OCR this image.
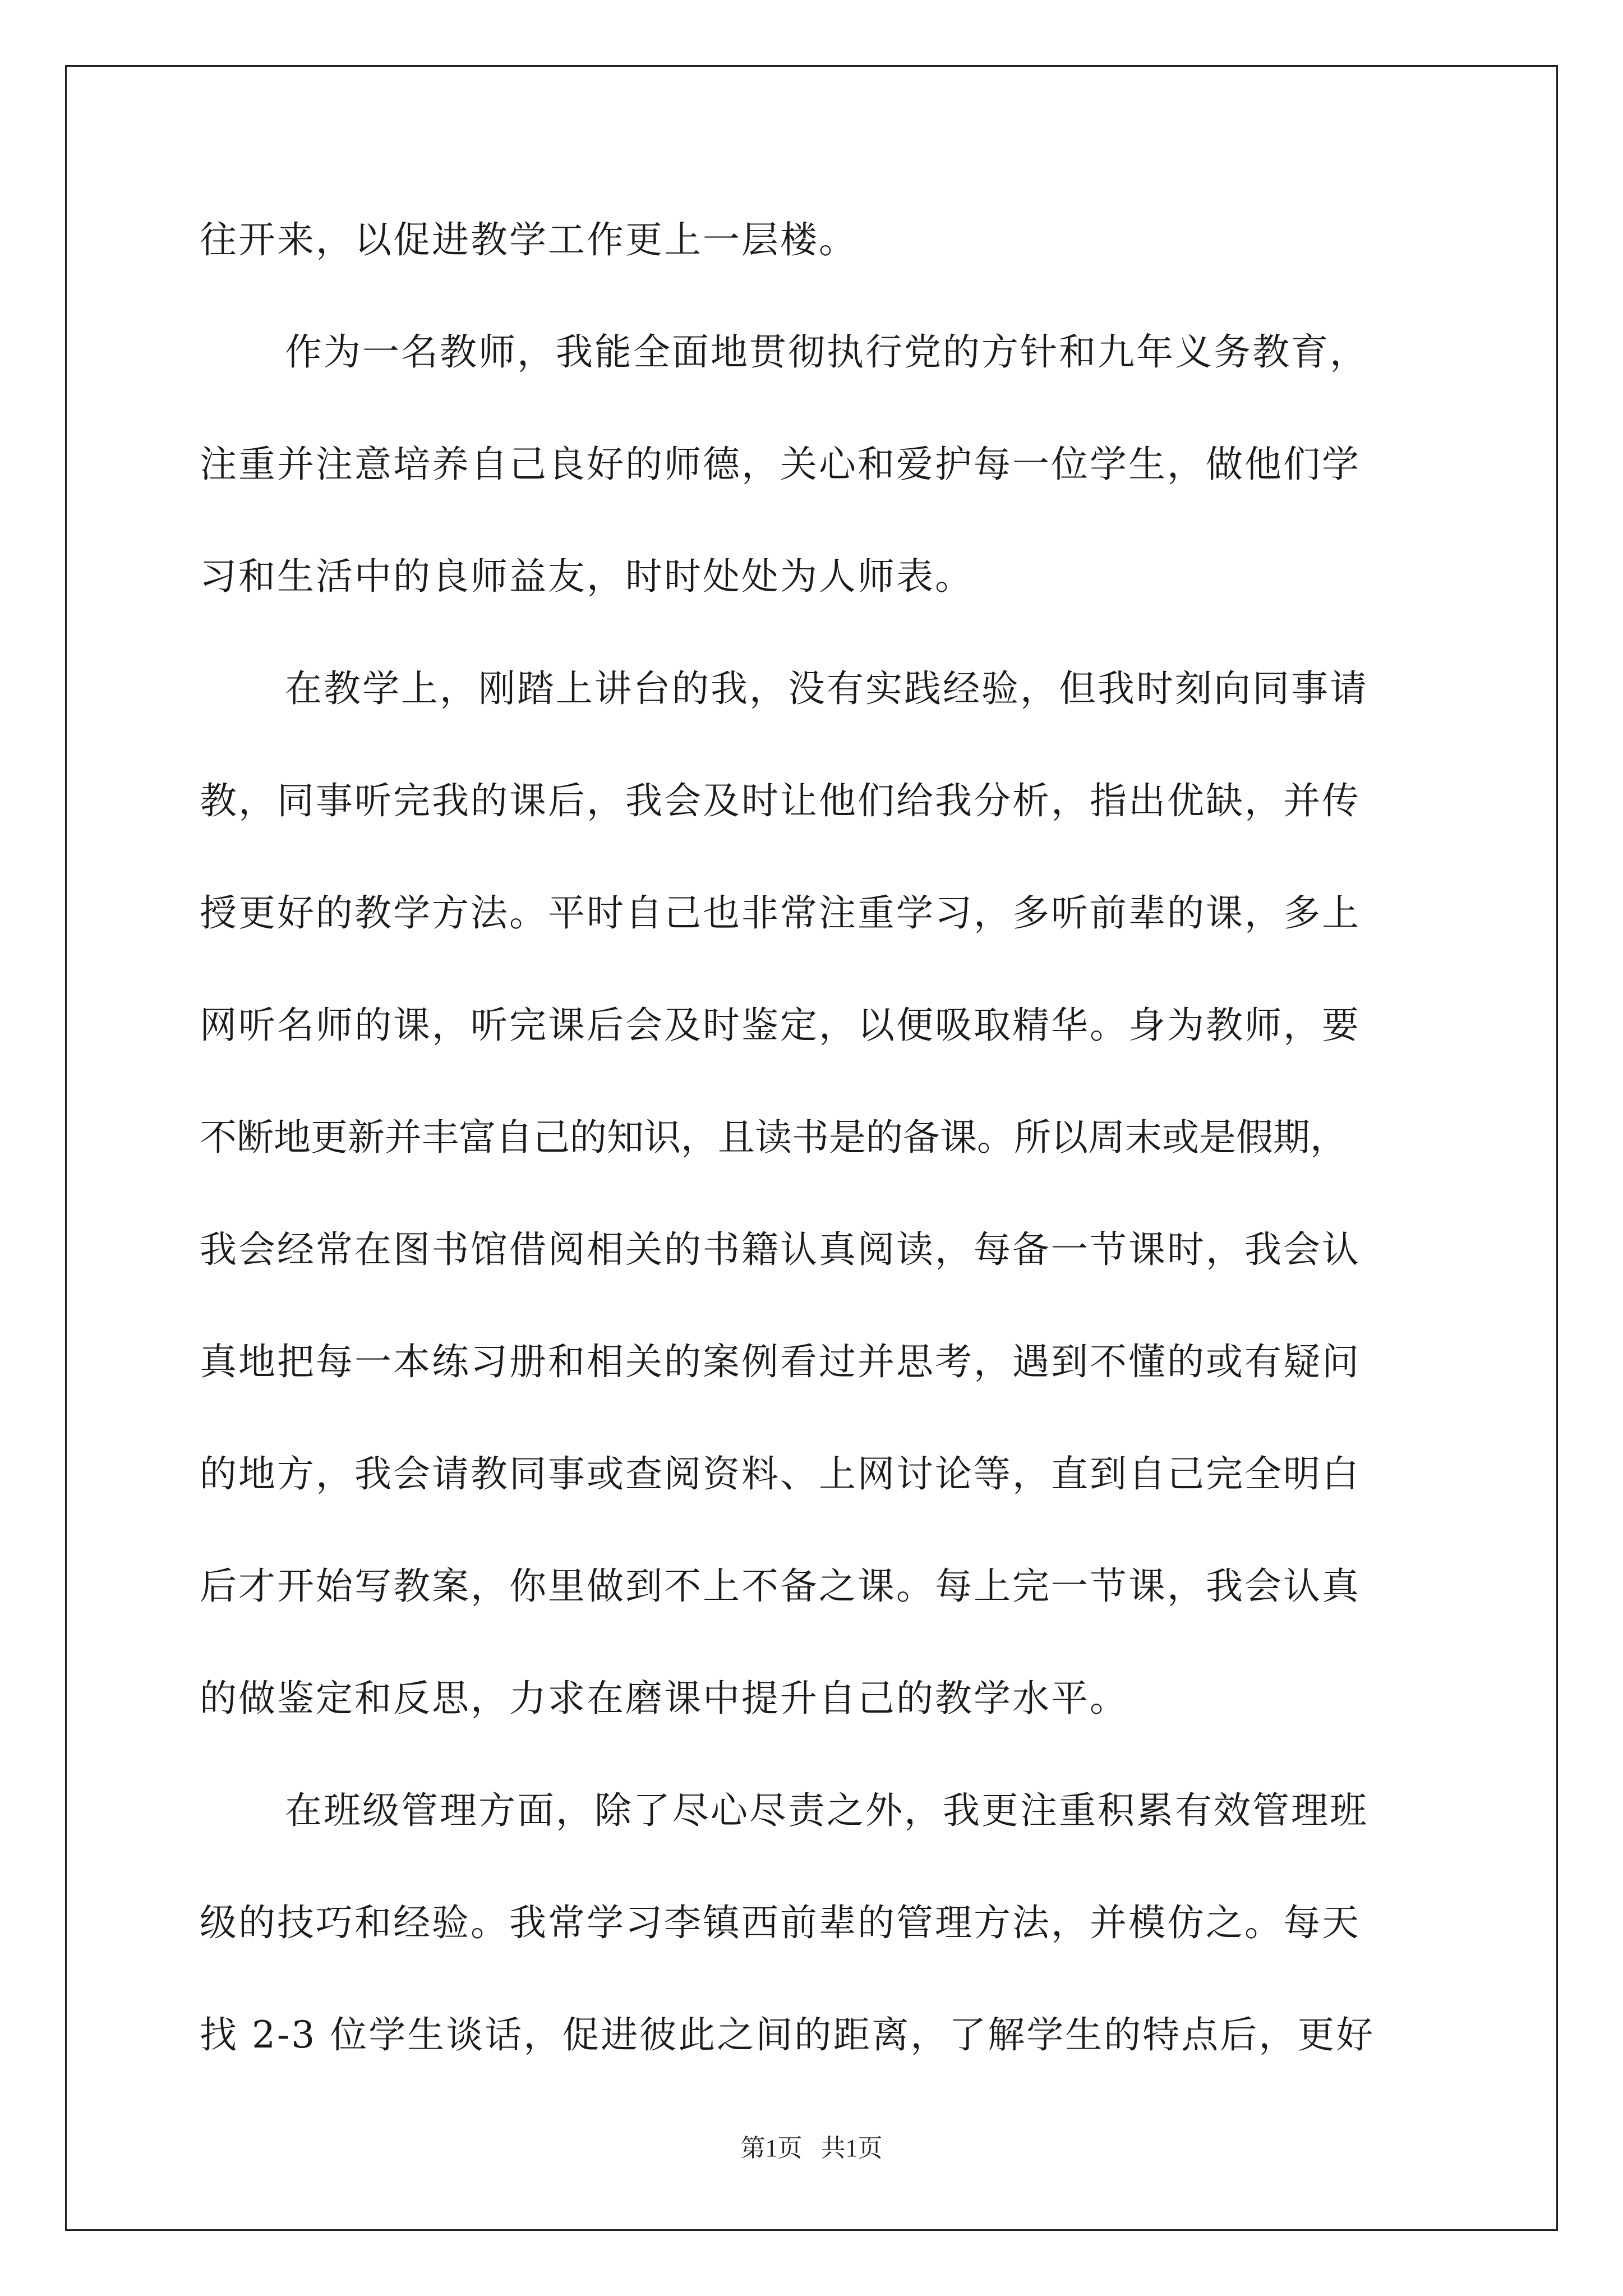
往开来，以促进教学工作更上一层楼。
作为一名教师，我能全面地贯彻执行党的方针和九年义务教育，
注重并注意培养自己良好的师德，关心和爱护每一位学生，做他们学
习和生活中的良师益友，时时处处为人师表。
在教学上，刚踏上讲台的我，没有实践经验，但我时刻向同事请
教，同事听完我的课后，我会及时让他们给我分析，指出优缺，并传
授更好的教学方法。平时自己也非常注重学习，多听前辈的课，多上
网听名师的课，听完课后会及时鉴定，以便吸取精华。身为教师，要
不断地更新并丰富自己的知识，且读书是的备课。所以周末或是假期，
我会经常在图书馆借阅相关的书籍认真阅读，每备一节课时，我会认
真地把每一本练习册和相关的案例看过并思考，遇到不懂的或有疑问
的地方，我会请教同事或查阅资料、上网讨论等，直到自己完全明白
后才开始写教案，你里做到不上不备之课。每上完一节课，我会认真
的做鉴定和反思，力求在磨课中提升自己的教学水平。
在班级管理方面，除了尽心尽责之外，我更注重积累有效管理班
级的技巧和经验。我常学习李镇西前辈的管理方法，并模仿之。每天
找 2-3 位学生谈话，促进彼此之间的距离，了解学生的特点后，更好
第1页   共1页
